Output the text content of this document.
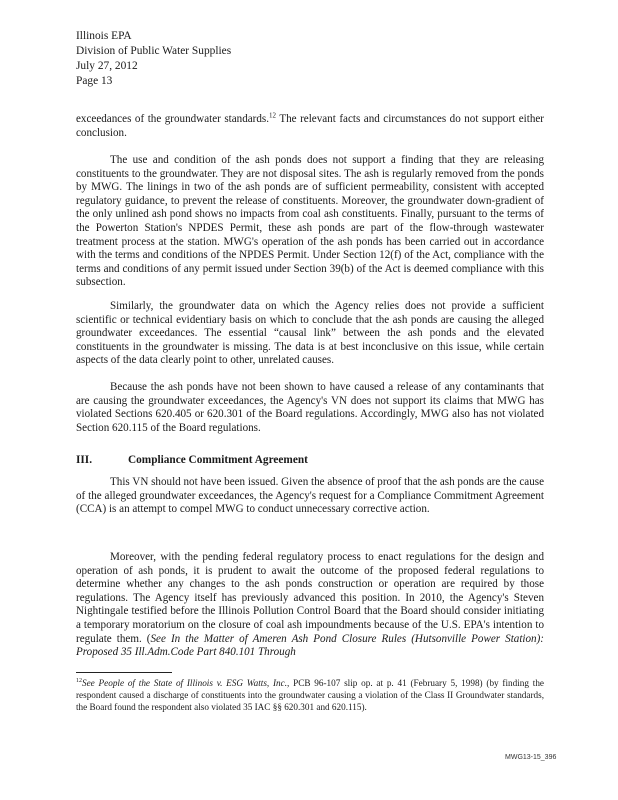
Illinois EPA
Division of Public Water Supplies
July 27, 2012
Page 13

exceedances of the groundwater standards.$^{12}$ The relevant facts and circumstances do not support either conclusion.

The use and condition of the ash ponds does not support a finding that they are releasing constituents to the groundwater. They are not disposal sites. The ash is regularly removed from the ponds by MWG. The linings in two of the ash ponds are of sufficient permeability, consistent with accepted regulatory guidance, to prevent the release of constituents. Moreover, the groundwater down-gradient of the only unlined ash pond shows no impacts from coal ash constituents. Finally, pursuant to the terms of the Powerton Station's NPDES Permit, these ash ponds are part of the flow-through wastewater treatment process at the station. MWG's operation of the ash ponds has been carried out in accordance with the terms and conditions of the NPDES Permit. Under Section 12(f) of the Act, compliance with the terms and conditions of any permit issued under Section 39(b) of the Act is deemed compliance with this subsection.

Similarly, the groundwater data on which the Agency relies does not provide a sufficient scientific or technical evidentiary basis on which to conclude that the ash ponds are causing the alleged groundwater exceedances. The essential “causal link” between the ash ponds and the elevated constituents in the groundwater is missing. The data is at best inconclusive on this issue, while certain aspects of the data clearly point to other, unrelated causes.

Because the ash ponds have not been shown to have caused a release of any contaminants that are causing the groundwater exceedances, the Agency's VN does not support its claims that MWG has violated Sections 620.405 or 620.301 of the Board regulations. Accordingly, MWG also has not violated Section 620.115 of the Board regulations.

III.	Compliance Commitment Agreement

This VN should not have been issued. Given the absence of proof that the ash ponds are the cause of the alleged groundwater exceedances, the Agency's request for a Compliance Commitment Agreement (CCA) is an attempt to compel MWG to conduct unnecessary corrective action.

Moreover, with the pending federal regulatory process to enact regulations for the design and operation of ash ponds, it is prudent to await the outcome of the proposed federal regulations to determine whether any changes to the ash ponds construction or operation are required by those regulations. The Agency itself has previously advanced this position. In 2010, the Agency's Steven Nightingale testified before the Illinois Pollution Control Board that the Board should consider initiating a temporary moratorium on the closure of coal ash impoundments because of the U.S. EPA's intention to regulate them. (See In the Matter of Ameren Ash Pond Closure Rules (Hutsonville Power Station): Proposed 35 Ill.Adm.Code Part 840.101 Through

$^{12}$See People of the State of Illinois v. ESG Watts, Inc., PCB 96-107 slip op. at p. 41 (February 5, 1998) (by finding the respondent caused a discharge of constituents into the groundwater causing a violation of the Class II Groundwater standards, the Board found the respondent also violated 35 IAC §§ 620.301 and 620.115).

MWG13-15_396
